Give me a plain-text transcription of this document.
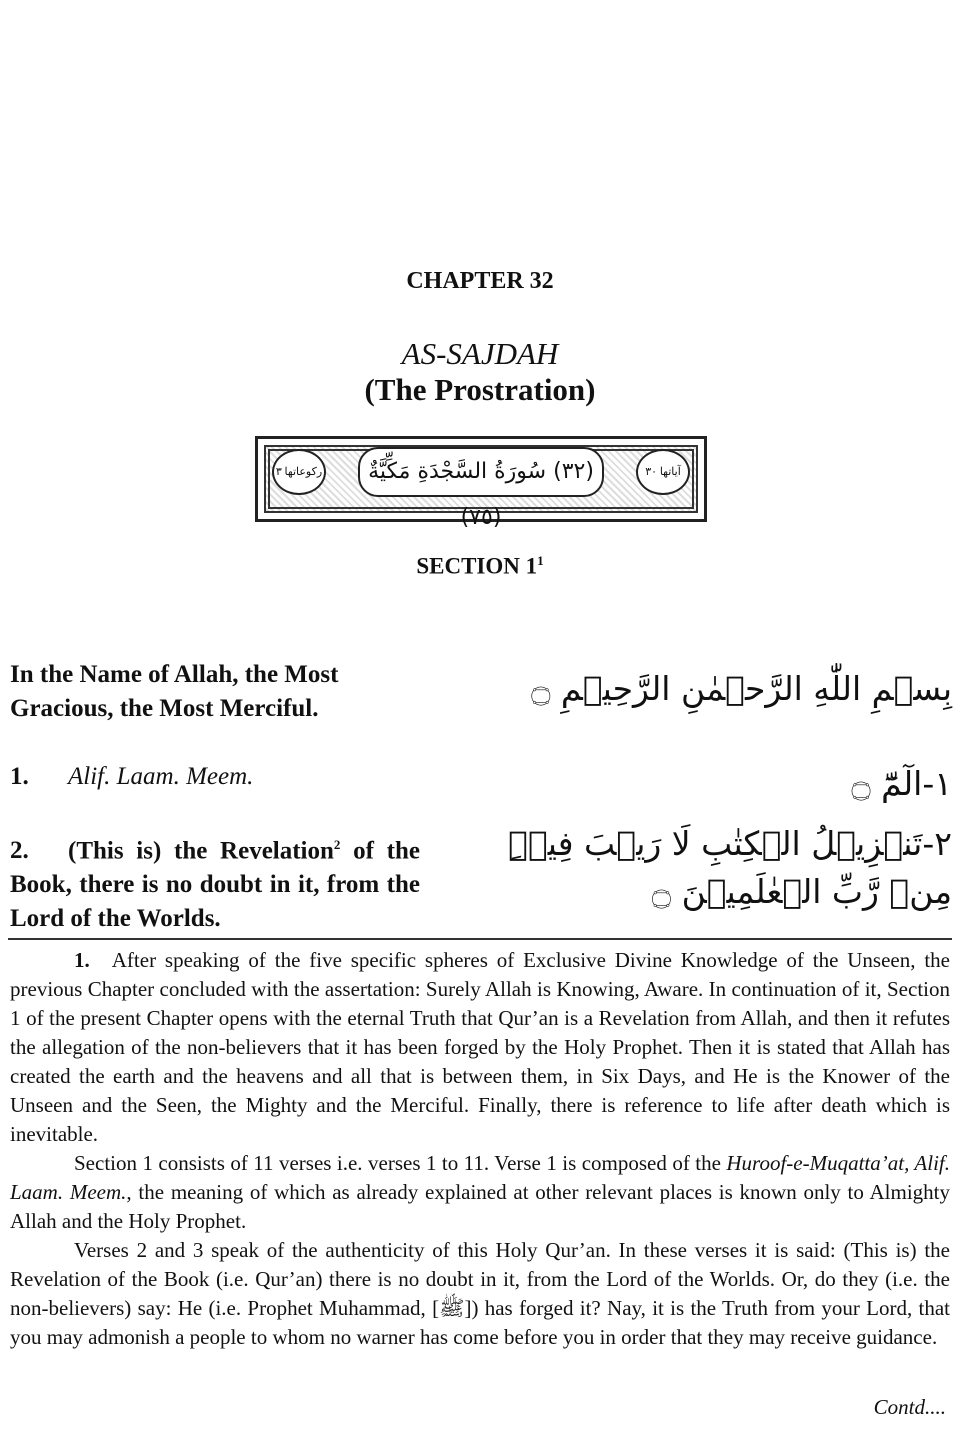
CHAPTER 32
AS-SAJDAH
(The Prostration)
ركوعاتها ٣	(٣٢) سُورَةُ السَّجْدَةِ مَكِّيَّةٌ (٧٥)
آياتها ٣٠
SECTION $1^1$
In the Name of Allah, the Most Gracious, the Most Merciful.
بِسۡمِ اللّٰهِ الرَّحۡمٰنِ الرَّحِیۡمِ ۝
1. Alif. Laam. Meem.	۱-الٓمّٓ ۝
2. (This is) the Revelation$^2$ of the Book, there is no doubt in it, from the Lord of the Worlds.
۲-تَنۡزِیۡلُ الۡکِتٰبِ لَا رَیۡبَ فِیۡہِ مِنۡ رَّبِّ الۡعٰلَمِیۡنَ ۝

1. After speaking of the five specific spheres of Exclusive Divine Knowledge of the Unseen, the previous Chapter concluded with the assertation: Surely Allah is Knowing, Aware. In continuation of it, Section 1 of the present Chapter opens with the eternal Truth that Qur’an is a Revelation from Allah, and then it refutes the allegation of the non-believers that it has been forged by the Holy Prophet. Then it is stated that Allah has created the earth and the heavens and all that is between them, in Six Days, and He is the Knower of the Unseen and the Seen, the Mighty and the Merciful. Finally, there is reference to life after death which is inevitable.

Section 1 consists of 11 verses i.e. verses 1 to 11. Verse 1 is composed of the Huroof-e-Muqatta’at, Alif. Laam. Meem., the meaning of which as already explained at other relevant places is known only to Almighty Allah and the Holy Prophet.

Verses 2 and 3 speak of the authenticity of this Holy Qur’an. In these verses it is said: (This is) the Revelation of the Book (i.e. Qur’an) there is no doubt in it, from the Lord of the Worlds. Or, do they (i.e. the non-believers) say: He (i.e. Prophet Muhammad, [ﷺ]) has forged it? Nay, it is the Truth from your Lord, that you may admonish a people to whom no warner has come before you in order that they may receive guidance.

Contd....
